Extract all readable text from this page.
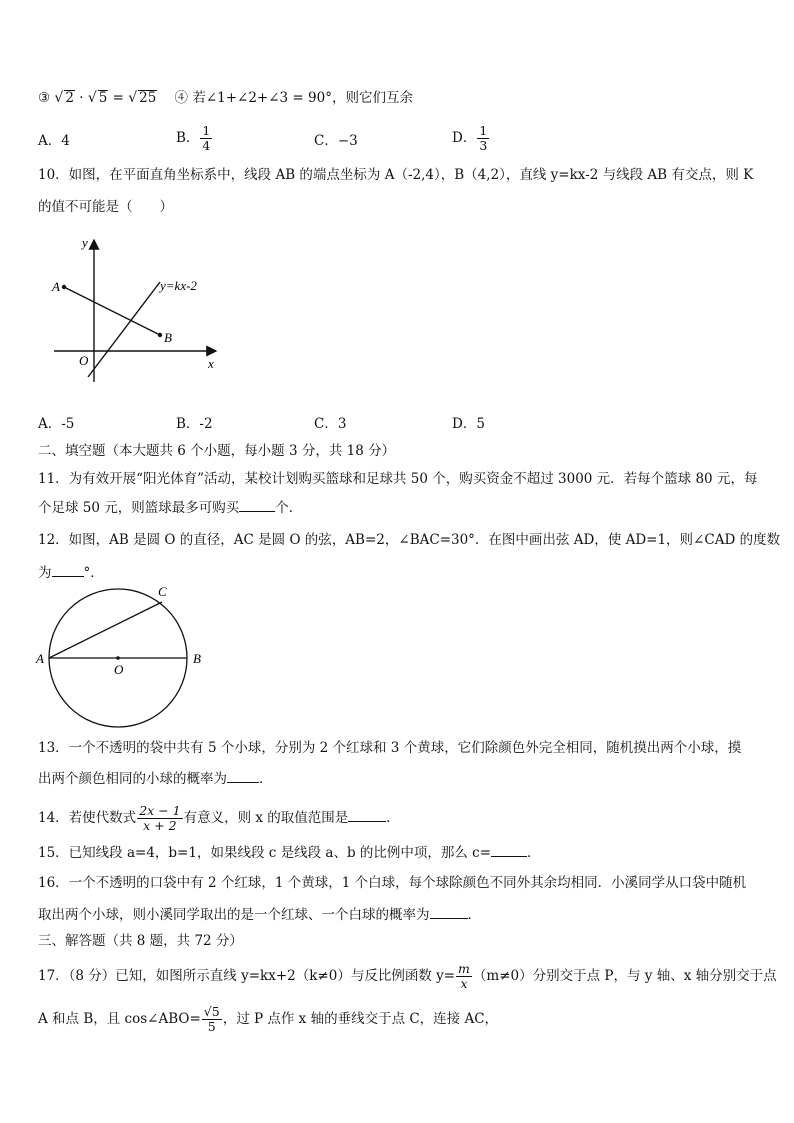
③ √ 2 · √ 5 = √ 25 ④ 若∠1+∠2+∠3 = 90°，则它们互余
A．4	B． $\frac{1}{4}$	C．−3	D． $\frac{1}{3}$
10．如图，在平面直角坐标系中，线段 AB 的端点坐标为 A（-2,4），B（4,2），直线 y=kx-2 与线段 AB 有交点，则 K
的值不可能是（　　）
y
x
O
A
B
y=kx-2
A．-5	B．-2	C．3	D．5
二、填空题（本大题共 6 个小题，每小题 3 分，共 18 分）
11．为有效开展“阳光体育”活动，某校计划购买篮球和足球共 50 个，购买资金不超过 3000 元．若每个篮球 80 元，每
个足球 50 元，则篮球最多可购买	个．
12．如图，AB 是圆 O 的直径，AC 是圆 O 的弦，AB=2，∠BAC=30°．在图中画出弦 AD，使 AD=1，则∠CAD 的度数
为 °．
A	B
C
O
13．一个不透明的袋中共有 5 个小球，分别为 2 个红球和 3 个黄球，它们除颜色外完全相同，随机摸出两个小球，摸
出两个颜色相同的小球的概率为 ．
14．若使代数式 $\frac{2x - 1}{x + 2}$ 有意义，则 x 的取值范围是	．
15．已知线段 a=4，b=1，如果线段 c 是线段 a、b 的比例中项，那么 c=	．
16．一个不透明的口袋中有 2 个红球，1 个黄球，1 个白球，每个球除颜色不同外其余均相同．小溪同学从口袋中随机
取出两个小球，则小溪同学取出的是一个红球、一个白球的概率为	．
三、解答题（共 8 题，共 72 分）
17．（8 分）已知，如图所示直线 y=kx+2（k≠0）与反比例函数 $y= \frac{m}{x} (m\ne 0)$分别交于点 P，与 y 轴、x 轴分别交于点
A 和点 B，且 cos∠ABO= $\frac{√5}{5}$ ，过 P 点作 x 轴的垂线交于点 C，连接 AC，
